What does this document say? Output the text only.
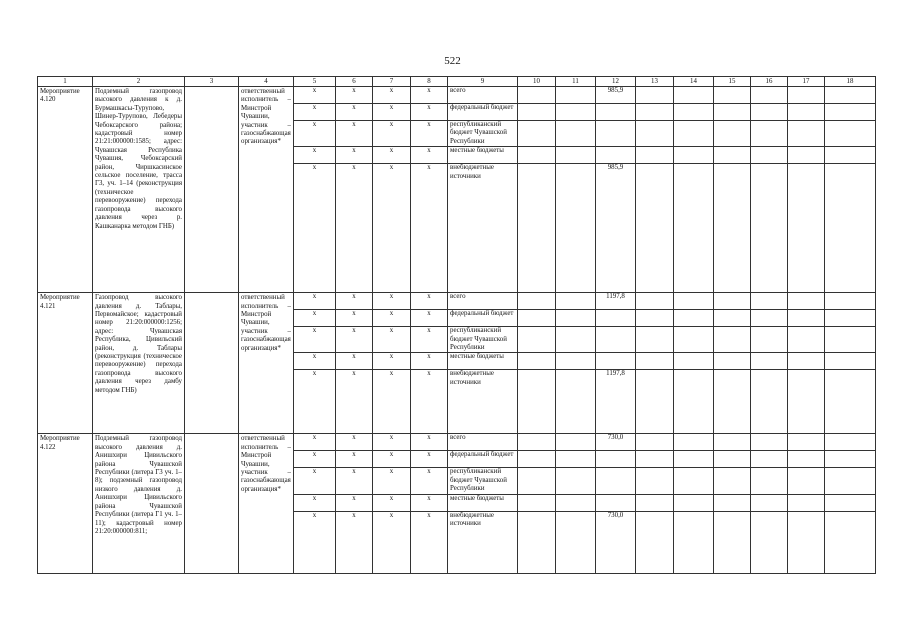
522
1	2	3	4	5	6	7	8	9	10	11	12	13	14	15	16	17	18
Мероприятие 4.120	Подземный газопровод высокого давления к д. Бурмашкасы-Турупово, Шинер-Турупово, Лебедеры Чебоксарского района; кадастровый номер 21:21:000000:1585; адрес: Чувашская Республика Чувашия, Чебоксарский район, Чиршкасинское сельское поселение, трасса Г3, уч. 1–14 (реконструкция (техническое перевооружение) перехода газопровода высокого давления через р. Кашканарка методом ГНБ)		ответственный исполнитель – Минстрой Чувашии, участник – газоснабжающая организация*	х	х	х	х	всего			985,9						
				х	х	х	х	федеральный бюджет									
				х	х	х	х	республиканский бюджет Чувашской Республики									
				х	х	х	х	местные бюджеты									
				х	х	х	х	внебюджетные источники			985,9						
Мероприятие 4.121	Газопровод высокого давления д. Таблары, Первомайское; кадастровый номер 21:20:000000:1256; адрес: Чувашская Республика, Цивильский район, д. Таблары (реконструкция (техническое перевооружение) перехода газопровода высокого давления через дамбу методом ГНБ)		ответственный исполнитель – Минстрой Чувашии, участник – газоснабжающая организация*	х	х	х	х	всего			1197,8						
				х	х	х	х	федеральный бюджет									
				х	х	х	х	республиканский бюджет Чувашской Республики									
				х	х	х	х	местные бюджеты									
				х	х	х	х	внебюджетные источники			1197,8						
Мероприятие 4.122	Подземный газопровод высокого давления д. Анишхири Цивильского района Чувашской Республики (литера Г3 уч. 1–8); подземный газопровод низкого давления д. Анишхири Цивильского района Чувашской Республики (литера Г1 уч. 1–11); кадастровый номер 21:20:000000:811;		ответственный исполнитель – Минстрой Чувашии, участник – газоснабжающая организация*	х	х	х	х	всего			730,0						
				х	х	х	х	федеральный бюджет									
				х	х	х	х	республиканский бюджет Чувашской Республики									
				х	х	х	х	местные бюджеты									
				х	х	х	х	внебюджетные источники			730,0						
